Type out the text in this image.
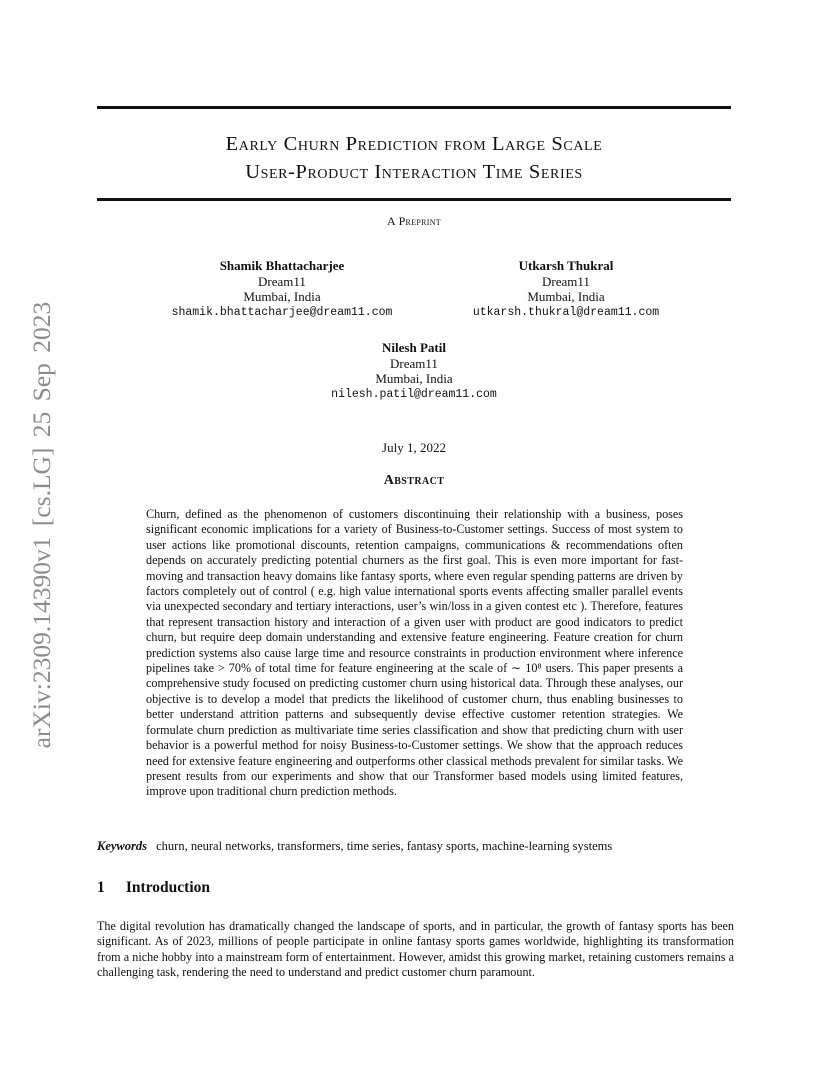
arXiv:2309.14390v1 [cs.LG] 25 Sep 2023
Early Churn Prediction from Large Scale
User-Product Interaction Time Series
A Preprint
Shamik Bhattacharjee
Dream11
Mumbai, India
shamik.bhattacharjee@dream11.com
Utkarsh Thukral
Dream11
Mumbai, India
utkarsh.thukral@dream11.com
Nilesh Patil
Dream11
Mumbai, India
nilesh.patil@dream11.com
July 1, 2022
Abstract

Churn, defined as the phenomenon of customers discontinuing their relationship with a business, poses significant economic implications for a variety of Business-to-Customer settings. Success of most system to user actions like promotional discounts, retention campaigns, communications & recommendations often depends on accurately predicting potential churners as the first goal. This is even more important for fast-moving and transaction heavy domains like fantasy sports, where even regular spending patterns are driven by factors completely out of control ( e.g. high value international sports events affecting smaller parallel events via unexpected secondary and tertiary interactions, user’s win/loss in a given contest etc ). Therefore, features that represent transaction history and interaction of a given user with product are good indicators to predict churn, but require deep domain understanding and extensive feature engineering. Feature creation for churn prediction systems also cause large time and resource constraints in production environment where inference pipelines take > 70% of total time for feature engineering at the scale of ∼ 10⁸ users. This paper presents a comprehensive study focused on predicting customer churn using historical data. Through these analyses, our objective is to develop a model that predicts the likelihood of customer churn, thus enabling businesses to better understand attrition patterns and subsequently devise effective customer retention strategies. We formulate churn prediction as multivariate time series classification and show that predicting churn with user behavior is a powerful method for noisy Business-to-Customer settings. We show that the approach reduces need for extensive feature engineering and outperforms other classical methods prevalent for similar tasks. We present results from our experiments and show that our Transformer based models using limited features, improve upon traditional churn prediction methods.

Keywords churn, neural networks, transformers, time series, fantasy sports, machine-learning systems
1 Introduction

The digital revolution has dramatically changed the landscape of sports, and in particular, the growth of fantasy sports has been significant. As of 2023, millions of people participate in online fantasy sports games worldwide, highlighting its transformation from a niche hobby into a mainstream form of entertainment. However, amidst this growing market, retaining customers remains a challenging task, rendering the need to understand and predict customer churn paramount.
